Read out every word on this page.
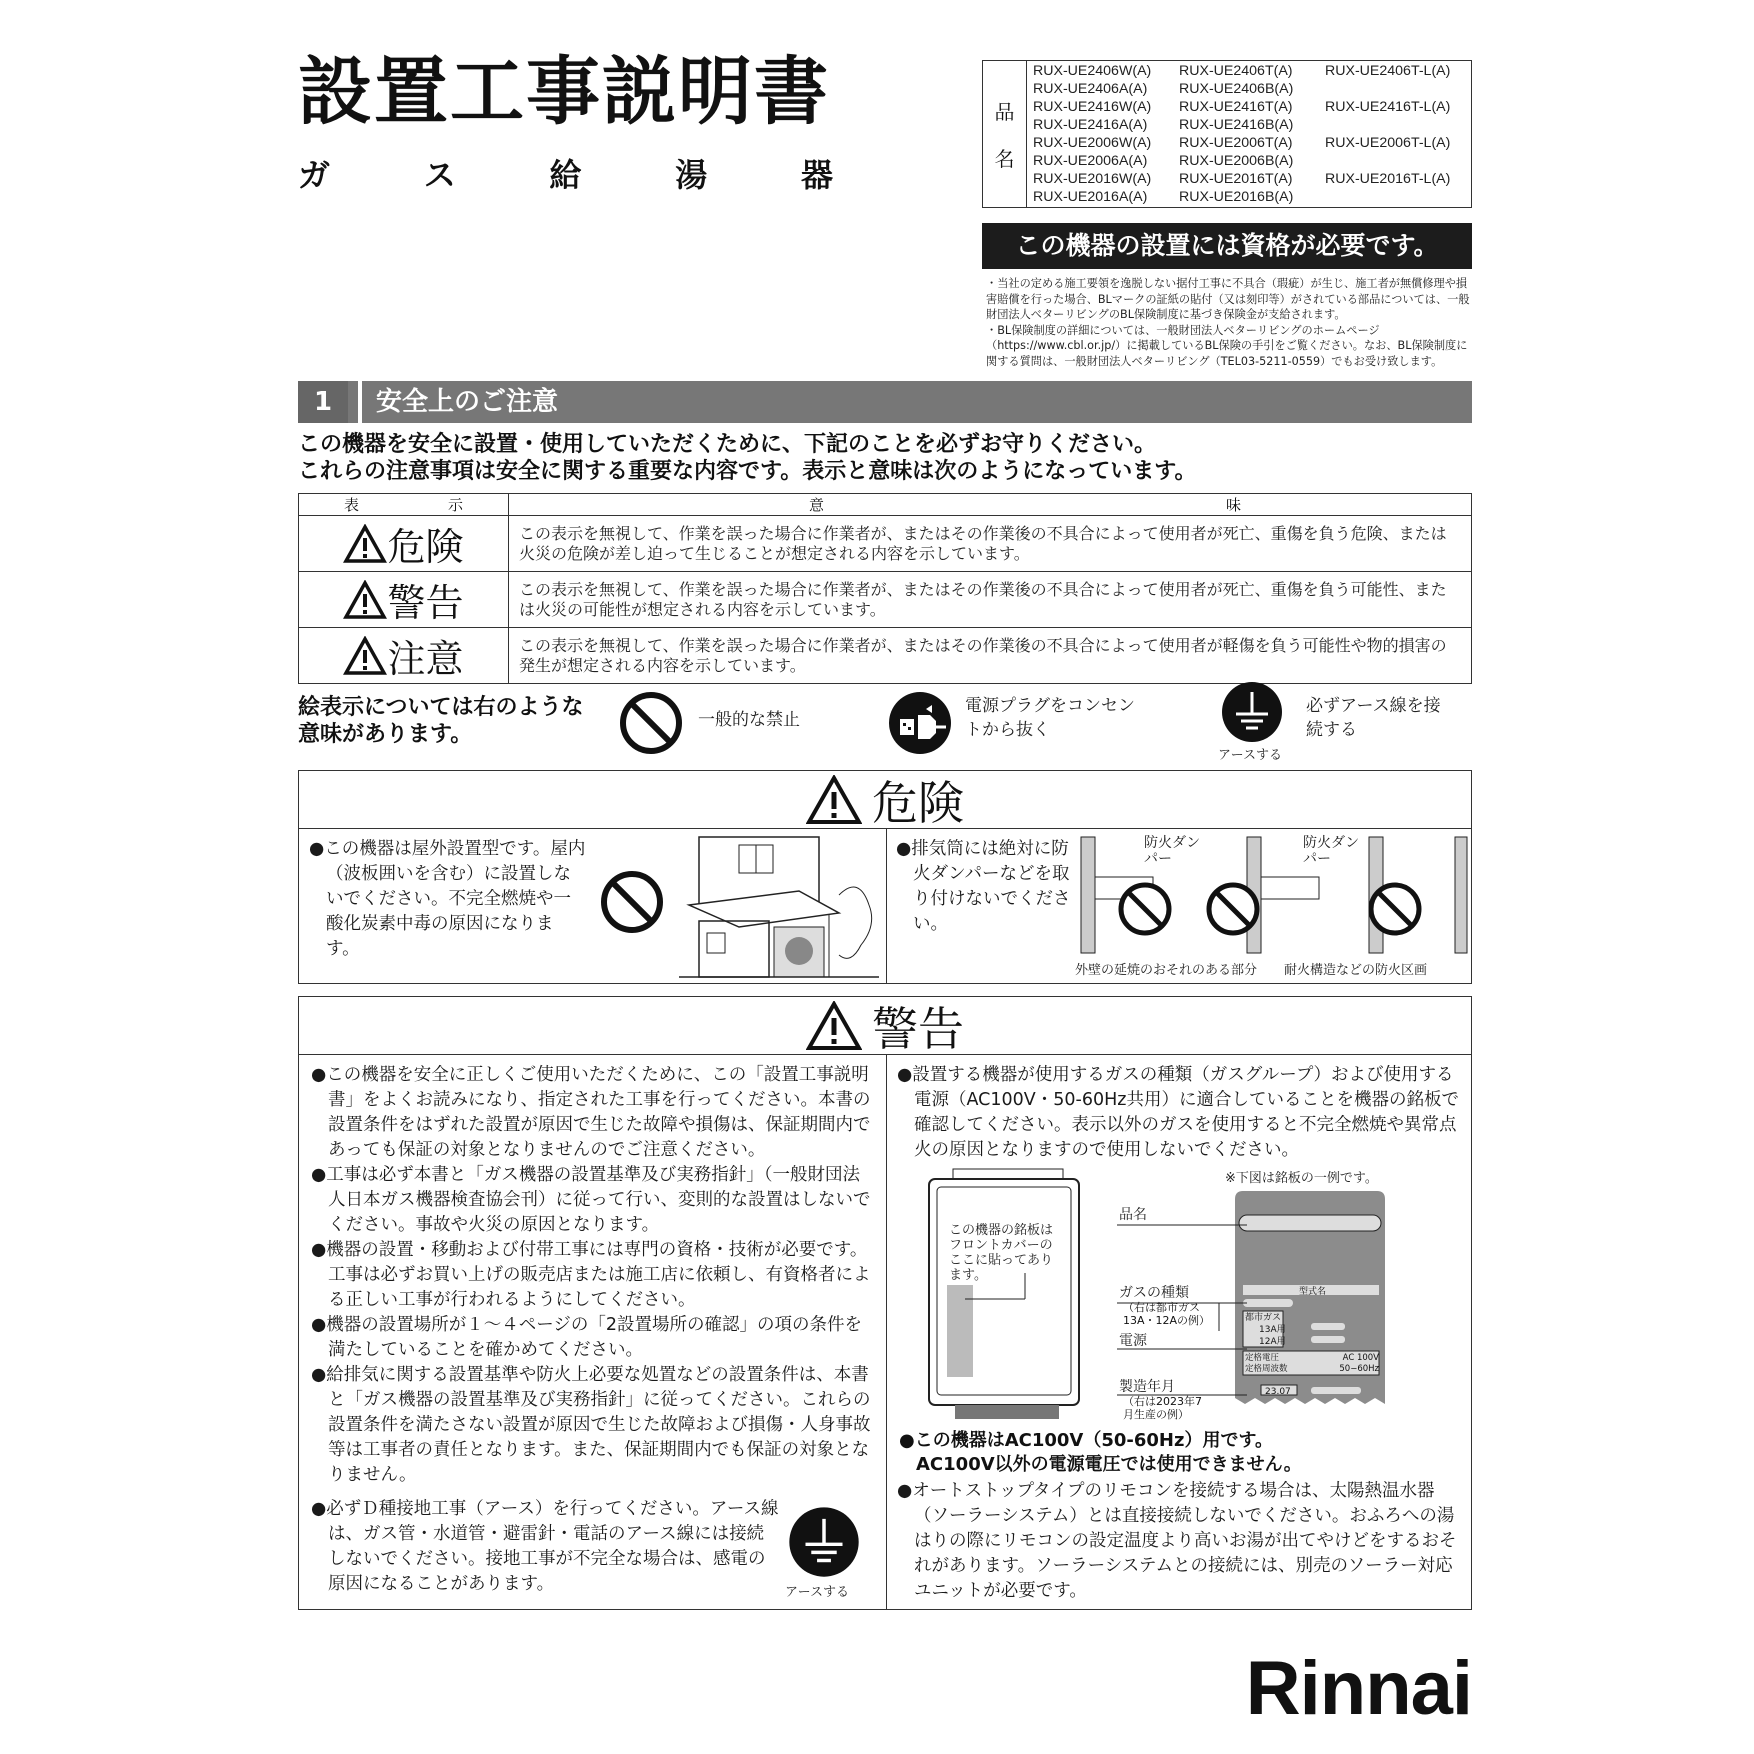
設置工事説明書
ガ	ス	給	湯	器
品
名
RUX-UE2406W(A)	RUX-UE2406T(A)	RUX-UE2406T-L(A)
RUX-UE2406A(A)	RUX-UE2406B(A)
RUX-UE2416W(A)	RUX-UE2416T(A)	RUX-UE2416T-L(A)
RUX-UE2416A(A)	RUX-UE2416B(A)
RUX-UE2006W(A)	RUX-UE2006T(A)	RUX-UE2006T-L(A)
RUX-UE2006A(A)	RUX-UE2006B(A)
RUX-UE2016W(A)	RUX-UE2016T(A)	RUX-UE2016T-L(A)
RUX-UE2016A(A)	RUX-UE2016B(A)
この機器の設置には資格が必要です。
・当社の定める施工要領を逸脱しない据付工事に不具合（瑕疵）が生じ、施工者が無償修理や損害賠償を行った場合、BLマークの証紙の貼付（又は刻印等）がされている部品については、一般財団法人ベターリビングのBL保険制度に基づき保険金が支給されます。
・BL保険制度の詳細については、一般財団法人ベターリビングのホームページ（https://www.cbl.or.jp/）に掲載しているBL保険の手引をご覧ください。なお、BL保険制度に関する質問は、一般財団法人ベターリビング（TEL03-5211-0559）でもお受け致します。
1	安全上のご注意
この機器を安全に設置・使用していただくために、下記のことを必ずお守りください。
これらの注意事項は安全に関する重要な内容です。表示と意味は次のようになっています。
表 示	意 味

危険	この表示を無視して、作業を誤った場合に作業者が、またはその作業後の不具合によって使用者が死亡、重傷を負う危険、または火災の危険が差し迫って生じることが想定される内容を示しています。

警告	この表示を無視して、作業を誤った場合に作業者が、またはその作業後の不具合によって使用者が死亡、重傷を負う可能性、または火災の可能性が想定される内容を示しています。

注意	この表示を無視して、作業を誤った場合に作業者が、またはその作業後の不具合によって使用者が軽傷を負う可能性や物的損害の発生が想定される内容を示しています。
絵表示については右のような意味があります。
一般的な禁止
電源プラグをコンセントから抜く
アースする
必ずアース線を接続する
危険
●この機器は屋外設置型です。屋内（波板囲いを含む）に設置しないでください。不完全燃焼や一酸化炭素中毒の原因になります。
●排気筒には絶対に防火ダンパーなどを取り付けないでください。
防火ダンパー
防火ダンパー
外壁の延焼のおそれのある部分 耐火構造などの防火区画
警告
●この機器を安全に正しくご使用いただくために、この「設置工事説明書」をよくお読みになり、指定された工事を行ってください。本書の設置条件をはずれた設置が原因で生じた故障や損傷は、保証期間内であっても保証の対象となりませんのでご注意ください。
●工事は必ず本書と「ガス機器の設置基準及び実務指針」（一般財団法人日本ガス機器検査協会刊）に従って行い、変則的な設置はしないでください。事故や火災の原因となります。
●機器の設置・移動および付帯工事には専門の資格・技術が必要です。工事は必ずお買い上げの販売店または施工店に依頼し、有資格者による正しい工事が行われるようにしてください。
●機器の設置場所が１～４ページの「2設置場所の確認」の項の条件を満たしていることを確かめてください。
●給排気に関する設置基準や防火上必要な処置などの設置条件は、本書と「ガス機器の設置基準及び実務指針」に従ってください。これらの設置条件を満たさない設置が原因で生じた故障および損傷・人身事故等は工事者の責任となります。また、保証期間内でも保証の対象となりません。
●必ずＤ種接地工事（アース）を行ってください。アース線は、ガス管・水道管・避雷針・電話のアース線には接続しないでください。接地工事が不完全な場合は、感電の原因になることがあります。	アースする
●設置する機器が使用するガスの種類（ガスグループ）および使用する電源（AC100V・50-60Hz共用）に適合していることを機器の銘板で確認してください。表示以外のガスを使用すると不完全燃焼や異常点火の原因となりますので使用しないでください。
※下図は銘板の一例です。
この機器の銘板はフロントカバーのここに貼ってあります。
型式名
都市ガス
13A用
12A用
定格電圧	AC 100V
定格周波数	50−60Hz
23.07
品名
ガスの種類
（右は都市ガス13A・12Aの例）
電源
製造年月
（右は2023年7月生産の例）
●この機器はAC100V（50-60Hz）用です。
AC100V以外の電源電圧では使用できません。
●オートストップタイプのリモコンを接続する場合は、太陽熱温水器（ソーラーシステム）とは直接接続しないでください。おふろへの湯はりの際にリモコンの設定温度より高いお湯が出てやけどをするおそれがあります。ソーラーシステムとの接続には、別売のソーラー対応ユニットが必要です。
Rinnai
